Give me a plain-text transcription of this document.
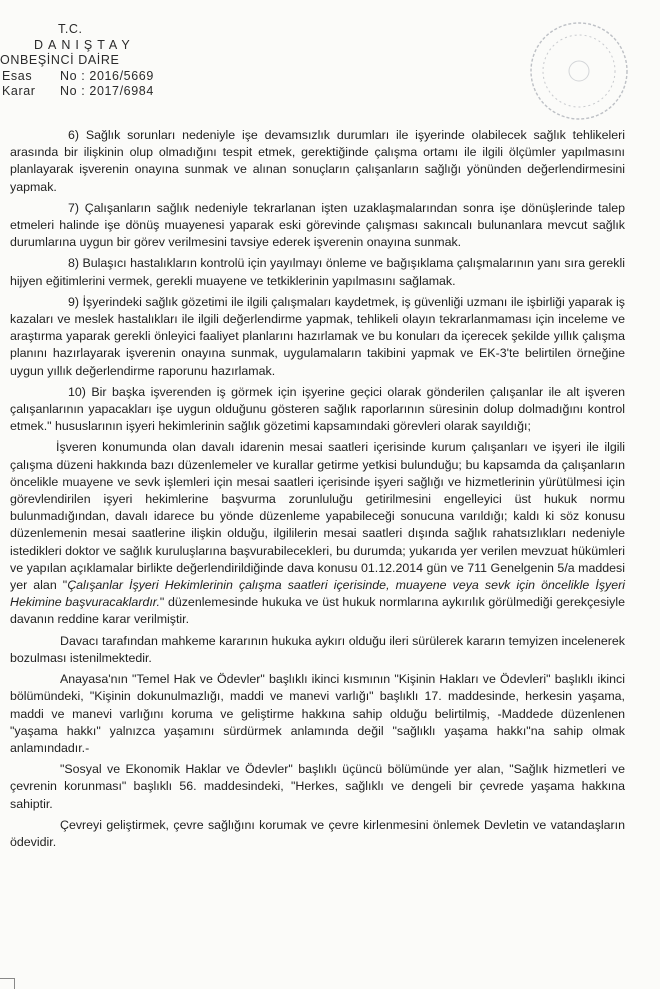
T.C.
DANIŞTAY
ONBEŞİNCİ DAİRE
Esas	No : 2016/5669
Karar	No : 2017/6984

6) Sağlık sorunları nedeniyle işe devamsızlık durumları ile işyerinde olabilecek sağlık tehlikeleri arasında bir ilişkinin olup olmadığını tespit etmek, gerektiğinde çalışma ortamı ile ilgili ölçümler yapılmasını planlayarak işverenin onayına sunmak ve alınan sonuçların çalışanların sağlığı yönünden değerlendirmesini yapmak.

7) Çalışanların sağlık nedeniyle tekrarlanan işten uzaklaşmalarından sonra işe dönüşlerinde talep etmeleri halinde işe dönüş muayenesi yaparak eski görevinde çalışması sakıncalı bulunanlara mevcut sağlık durumlarına uygun bir görev verilmesini tavsiye ederek işverenin onayına sunmak.

8) Bulaşıcı hastalıkların kontrolü için yayılmayı önleme ve bağışıklama çalışmalarının yanı sıra gerekli hijyen eğitimlerini vermek, gerekli muayene ve tetkiklerinin yapılmasını sağlamak.

9) İşyerindeki sağlık gözetimi ile ilgili çalışmaları kaydetmek, iş güvenliği uzmanı ile işbirliği yaparak iş kazaları ve meslek hastalıkları ile ilgili değerlendirme yapmak, tehlikeli olayın tekrarlanmaması için inceleme ve araştırma yaparak gerekli önleyici faaliyet planlarını hazırlamak ve bu konuları da içerecek şekilde yıllık çalışma planını hazırlayarak işverenin onayına sunmak, uygulamaların takibini yapmak ve EK-3'te belirtilen örneğine uygun yıllık değerlendirme raporunu hazırlamak.

10) Bir başka işverenden iş görmek için işyerine geçici olarak gönderilen çalışanlar ile alt işveren çalışanlarının yapacakları işe uygun olduğunu gösteren sağlık raporlarının süresinin dolup dolmadığını kontrol etmek." hususlarının işyeri hekimlerinin sağlık gözetimi kapsamındaki görevleri olarak sayıldığı;

İşveren konumunda olan davalı idarenin mesai saatleri içerisinde kurum çalışanları ve işyeri ile ilgili çalışma düzeni hakkında bazı düzenlemeler ve kurallar getirme yetkisi bulunduğu; bu kapsamda da çalışanların öncelikle muayene ve sevk işlemleri için mesai saatleri içerisinde işyeri sağlığı ve hizmetlerinin yürütülmesi için görevlendirilen işyeri hekimlerine başvurma zorunluluğu getirilmesini engelleyici üst hukuk normu bulunmadığından, davalı idarece bu yönde düzenleme yapabileceği sonucuna varıldığı; kaldı ki söz konusu düzenlemenin mesai saatlerine ilişkin olduğu, ilgililerin mesai saatleri dışında sağlık rahatsızlıkları nedeniyle istedikleri doktor ve sağlık kuruluşlarına başvurabilecekleri, bu durumda; yukarıda yer verilen mevzuat hükümleri ve yapılan açıklamalar birlikte değerlendirildiğinde dava konusu 01.12.2014 gün ve 711 Genelgenin 5/a maddesi yer alan "Çalışanlar İşyeri Hekimlerinin çalışma saatleri içerisinde, muayene veya sevk için öncelikle İşyeri Hekimine başvuracaklardır." düzenlemesinde hukuka ve üst hukuk normlarına aykırılık görülmediği gerekçesiyle davanın reddine karar verilmiştir.

Davacı tarafından mahkeme kararının hukuka aykırı olduğu ileri sürülerek kararın temyizen incelenerek bozulması istenilmektedir.

Anayasa'nın "Temel Hak ve Ödevler" başlıklı ikinci kısmının "Kişinin Hakları ve Ödevleri" başlıklı ikinci bölümündeki, "Kişinin dokunulmazlığı, maddi ve manevi varlığı" başlıklı 17. maddesinde, herkesin yaşama, maddi ve manevi varlığını koruma ve geliştirme hakkına sahip olduğu belirtilmiş, -Maddede düzenlenen "yaşama hakkı" yalnızca yaşamını sürdürmek anlamında değil "sağlıklı yaşama hakkı"na sahip olmak anlamındadır.-

"Sosyal ve Ekonomik Haklar ve Ödevler" başlıklı üçüncü bölümünde yer alan, "Sağlık hizmetleri ve çevrenin korunması" başlıklı 56. maddesindeki, "Herkes, sağlıklı ve dengeli bir çevrede yaşama hakkına sahiptir.

Çevreyi geliştirmek, çevre sağlığını korumak ve çevre kirlenmesini önlemek Devletin ve vatandaşların ödevidir.
